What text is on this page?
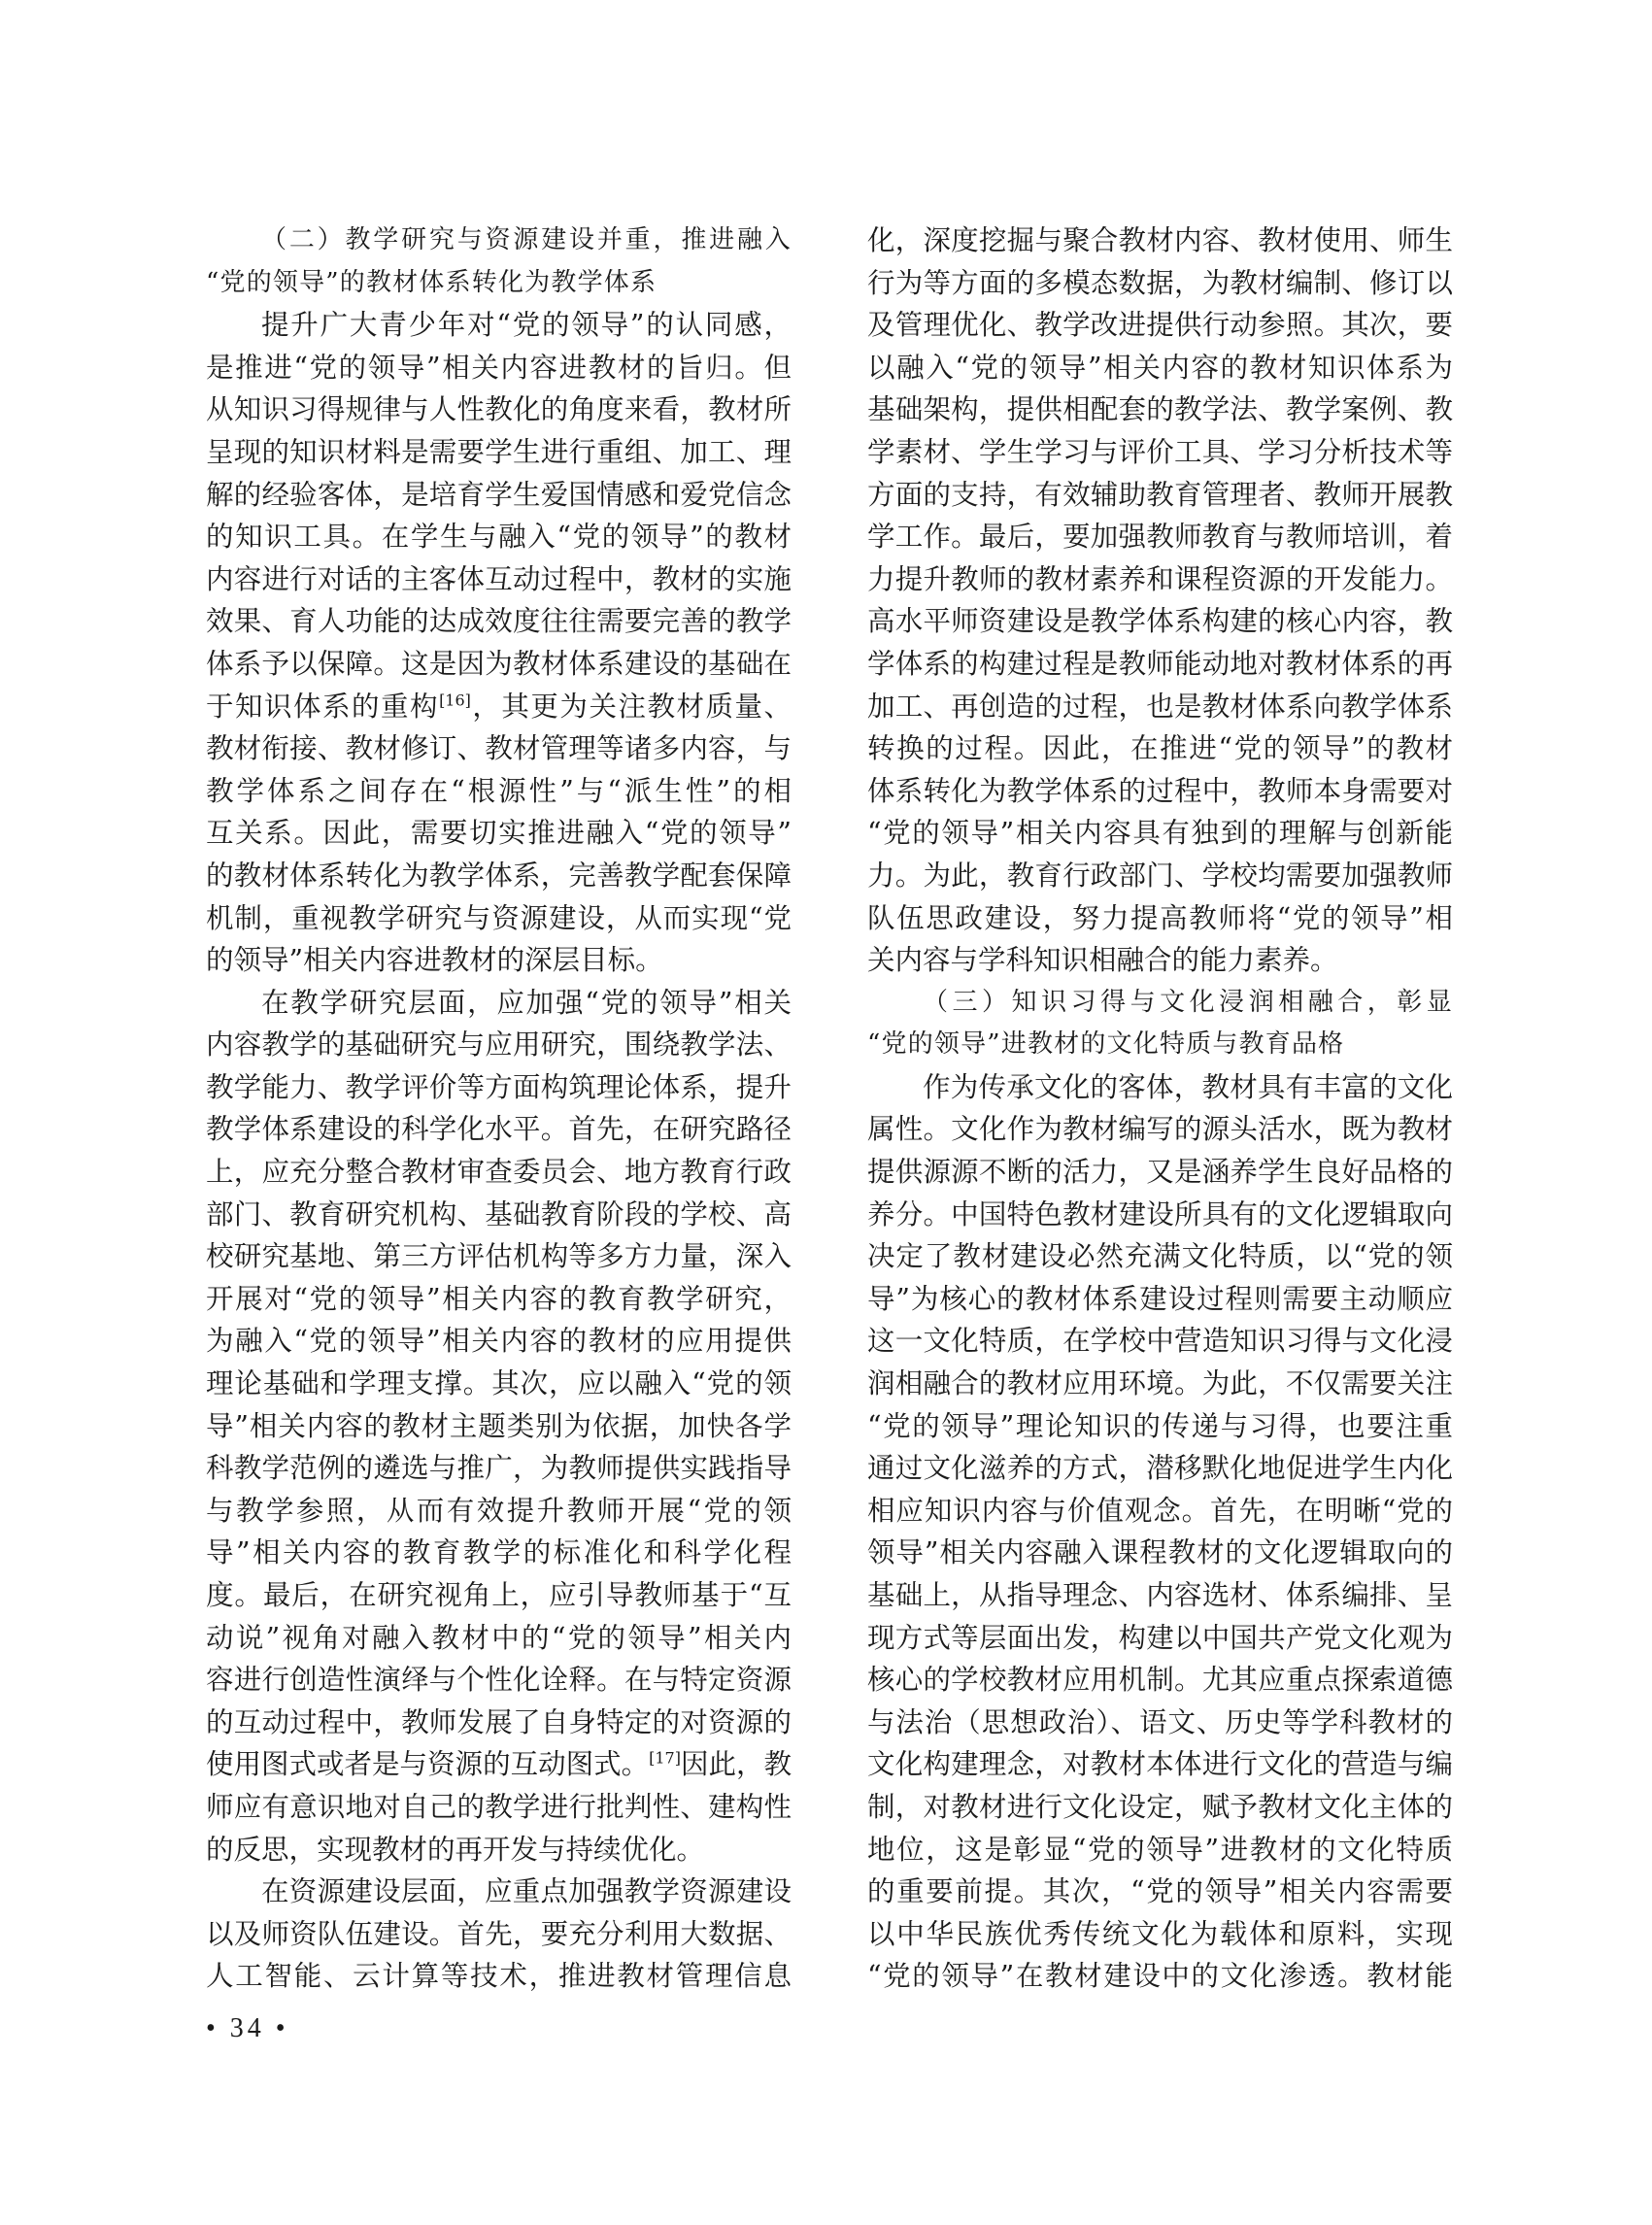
（二）教学研究与资源建设并重，推进融入
“党的领导”的教材体系转化为教学体系
提升广大青少年对“党的领导”的认同感，
是推进“党的领导”相关内容进教材的旨归。但
从知识习得规律与人性教化的角度来看，教材所
呈现的知识材料是需要学生进行重组、加工、理
解的经验客体，是培育学生爱国情感和爱党信念
的知识工具。在学生与融入“党的领导”的教材
内容进行对话的主客体互动过程中，教材的实施
效果、育人功能的达成效度往往需要完善的教学
体系予以保障。这是因为教材体系建设的基础在
于知识体系的重构[16]，其更为关注教材质量、
教材衔接、教材修订、教材管理等诸多内容，与
教学体系之间存在“根源性”与“派生性”的相
互关系。因此，需要切实推进融入“党的领导”
的教材体系转化为教学体系，完善教学配套保障
机制，重视教学研究与资源建设，从而实现“党
的领导”相关内容进教材的深层目标。
在教学研究层面，应加强“党的领导”相关
内容教学的基础研究与应用研究，围绕教学法、
教学能力、教学评价等方面构筑理论体系，提升
教学体系建设的科学化水平。首先，在研究路径
上，应充分整合教材审查委员会、地方教育行政
部门、教育研究机构、基础教育阶段的学校、高
校研究基地、第三方评估机构等多方力量，深入
开展对“党的领导”相关内容的教育教学研究，
为融入“党的领导”相关内容的教材的应用提供
理论基础和学理支撑。其次，应以融入“党的领
导”相关内容的教材主题类别为依据，加快各学
科教学范例的遴选与推广，为教师提供实践指导
与教学参照，从而有效提升教师开展“党的领
导”相关内容的教育教学的标准化和科学化程
度。最后，在研究视角上，应引导教师基于“互
动说”视角对融入教材中的“党的领导”相关内
容进行创造性演绎与个性化诠释。在与特定资源
的互动过程中，教师发展了自身特定的对资源的
使用图式或者是与资源的互动图式。[17]因此，教
师应有意识地对自己的教学进行批判性、建构性
的反思，实现教材的再开发与持续优化。
在资源建设层面，应重点加强教学资源建设
以及师资队伍建设。首先，要充分利用大数据、
人工智能、云计算等技术，推进教材管理信息
化，深度挖掘与聚合教材内容、教材使用、师生
行为等方面的多模态数据，为教材编制、修订以
及管理优化、教学改进提供行动参照。其次，要
以融入“党的领导”相关内容的教材知识体系为
基础架构，提供相配套的教学法、教学案例、教
学素材、学生学习与评价工具、学习分析技术等
方面的支持，有效辅助教育管理者、教师开展教
学工作。最后，要加强教师教育与教师培训，着
力提升教师的教材素养和课程资源的开发能力。
高水平师资建设是教学体系构建的核心内容，教
学体系的构建过程是教师能动地对教材体系的再
加工、再创造的过程，也是教材体系向教学体系
转换的过程。因此，在推进“党的领导”的教材
体系转化为教学体系的过程中，教师本身需要对
“党的领导”相关内容具有独到的理解与创新能
力。为此，教育行政部门、学校均需要加强教师
队伍思政建设，努力提高教师将“党的领导”相
关内容与学科知识相融合的能力素养。
（三）知识习得与文化浸润相融合，彰显
“党的领导”进教材的文化特质与教育品格
作为传承文化的客体，教材具有丰富的文化
属性。文化作为教材编写的源头活水，既为教材
提供源源不断的活力，又是涵养学生良好品格的
养分。中国特色教材建设所具有的文化逻辑取向
决定了教材建设必然充满文化特质，以“党的领
导”为核心的教材体系建设过程则需要主动顺应
这一文化特质，在学校中营造知识习得与文化浸
润相融合的教材应用环境。为此，不仅需要关注
“党的领导”理论知识的传递与习得，也要注重
通过文化滋养的方式，潜移默化地促进学生内化
相应知识内容与价值观念。首先，在明晰“党的
领导”相关内容融入课程教材的文化逻辑取向的
基础上，从指导理念、内容选材、体系编排、呈
现方式等层面出发，构建以中国共产党文化观为
核心的学校教材应用机制。尤其应重点探索道德
与法治（思想政治）、语文、历史等学科教材的
文化构建理念，对教材本体进行文化的营造与编
制，对教材进行文化设定，赋予教材文化主体的
地位，这是彰显“党的领导”进教材的文化特质
的重要前提。其次，“党的领导”相关内容需要
以中华民族优秀传统文化为载体和原料，实现
“党的领导”在教材建设中的文化渗透。教材能
• 34 •
